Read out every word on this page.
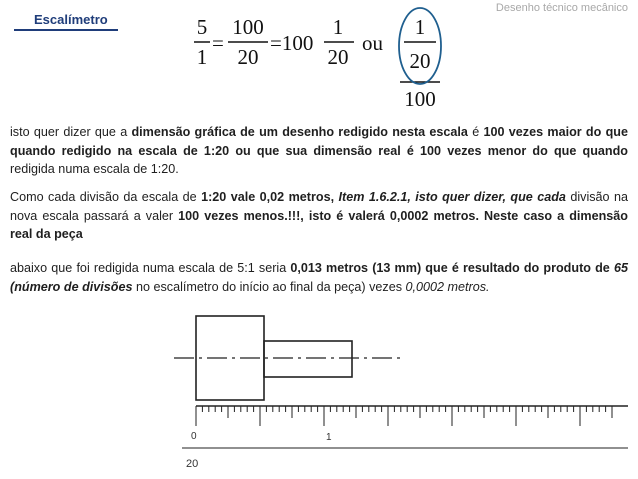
Escalímetro
Desenho técnico mecânico
5
1
=
100
20
=100
1
20
ou
1
20
100

isto quer dizer que a dimensão gráfica de um desenho redigido nesta escala é 100 vezes maior do que quando redigido na escala de 1:20 ou que sua dimensão real é 100 vezes menor do que quando redigida numa escala de 1:20.

Como cada divisão da escala de 1:20 vale 0,02 metros, Item 1.6.2.1, isto quer dizer, que cada divisão na nova escala passará a valer 100 vezes menos.!!!, isto é valerá 0,0002 metros. Neste caso a dimensão real da peça

abaixo que foi redigida numa escala de 5:1 seria 0,013 metros (13 mm) que é resultado do produto de 65 (número de divisões no escalímetro do início ao final da peça) vezes 0,0002 metros.

0	1
20
